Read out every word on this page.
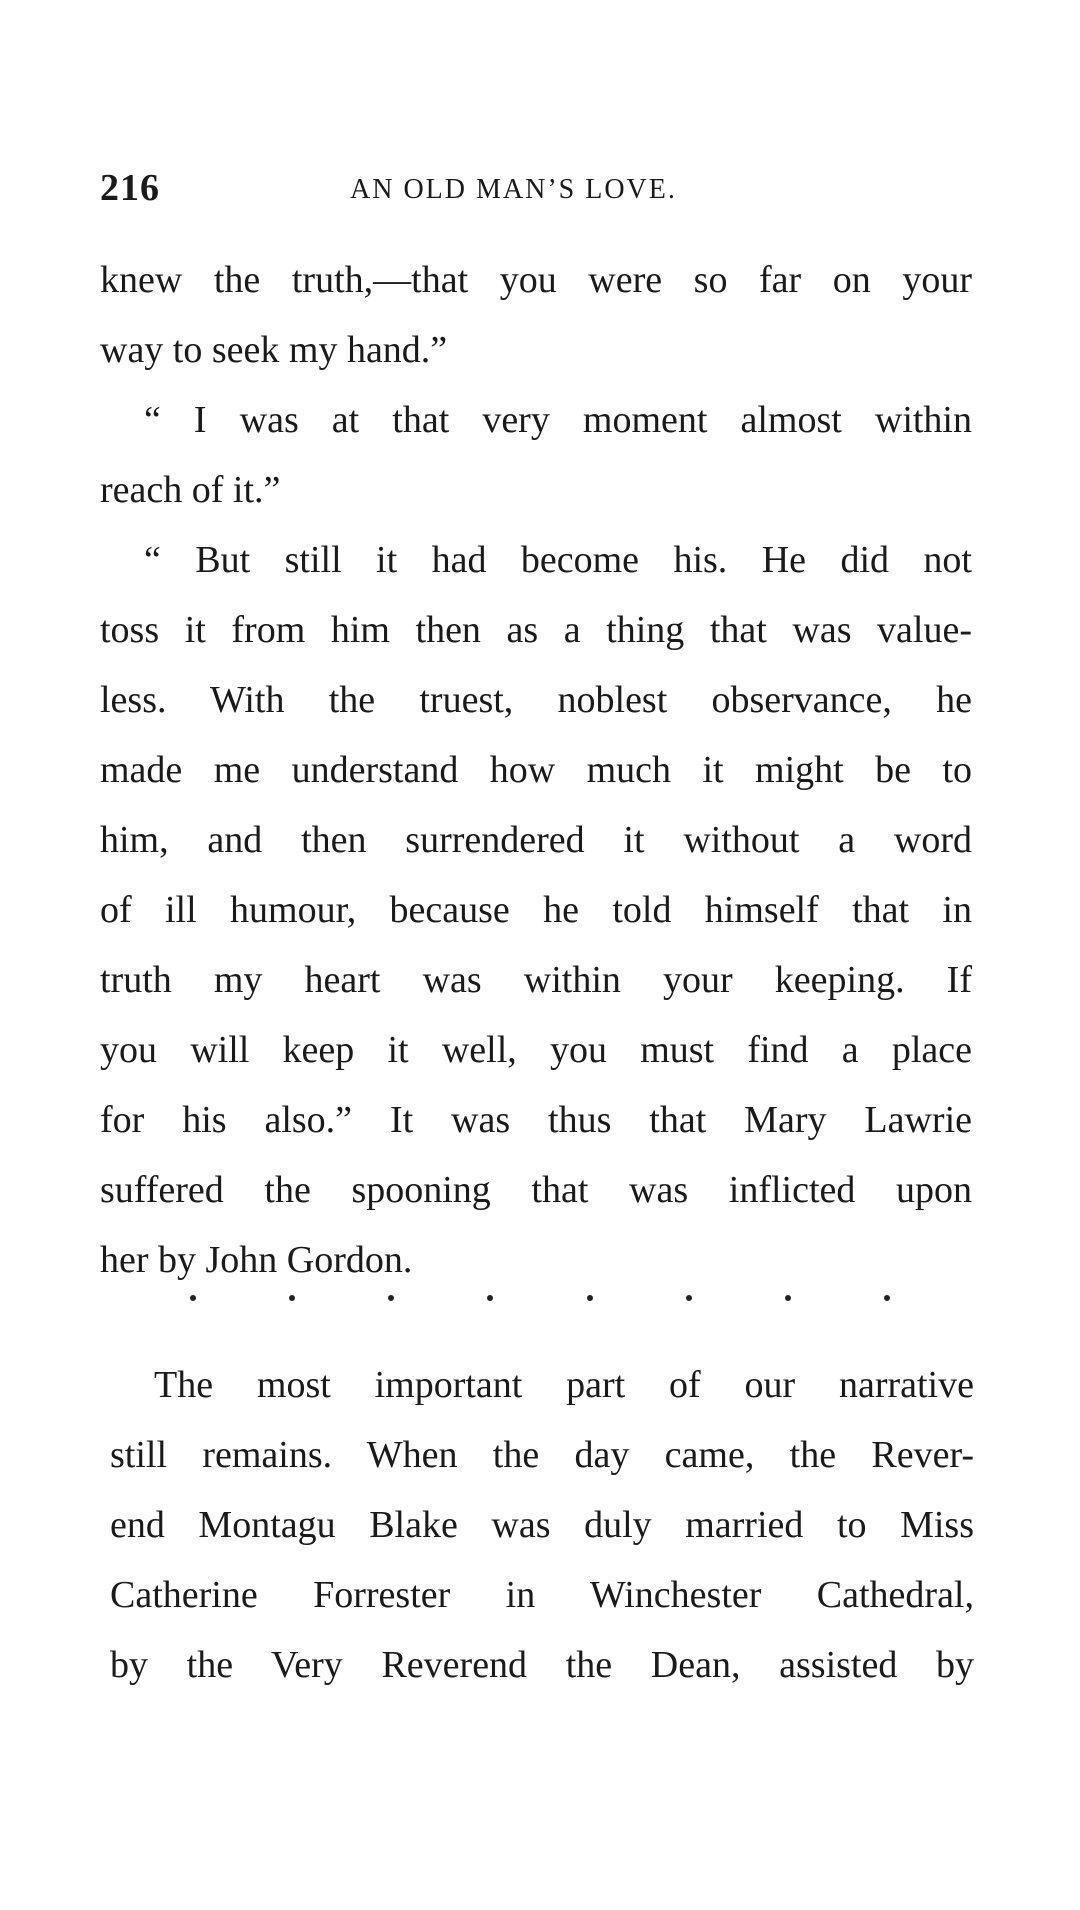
216	AN OLD MAN’S LOVE.
knew the truth,—that you were so far on your
way to seek my hand.”
“ I was at that very moment almost within
reach of it.”
“ But still it had become his. He did not
toss it from him then as a thing that was value-
less. With the truest, noblest observance, he
made me understand how much it might be to
him, and then surrendered it without a word
of ill humour, because he told himself that in
truth my heart was within your keeping. If
you will keep it well, you must find a place
for his also.” It was thus that Mary Lawrie
suffered the spooning that was inflicted upon
her by John Gordon.
The most important part of our narrative
still remains. When the day came, the Rever-
end Montagu Blake was duly married to Miss
Catherine Forrester in Winchester Cathedral,
by the Very Reverend the Dean, assisted by
